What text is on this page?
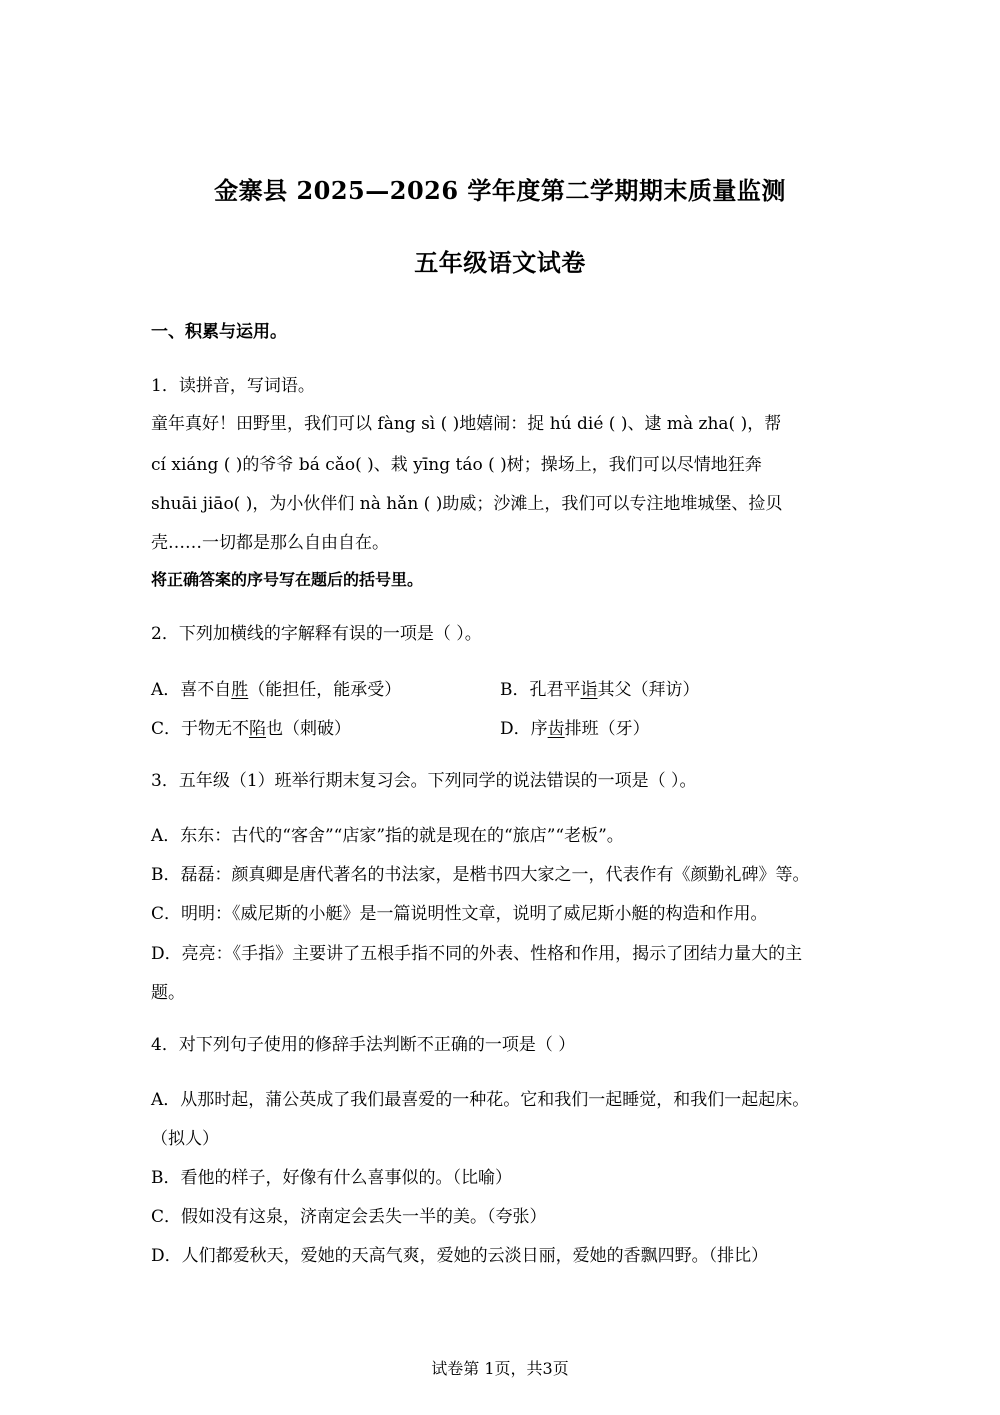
金寨县 2025—2026 学年度第二学期期末质量监测
五年级语文试卷
一、积累与运用。
1．读拼音，写词语。
童年真好！田野里，我们可以 fàng sì ( )地嬉闹：捉 hú dié ( )、逮 mà zha( )，帮
cí xiáng ( )的爷爷 bá cǎo( )、栽 yīng táo ( )树；操场上，我们可以尽情地狂奔
shuāi jiāo( )，为小伙伴们 nà hǎn ( )助威；沙滩上，我们可以专注地堆城堡、捡贝
壳……一切都是那么自由自在。
将正确答案的序号写在题后的括号里。
2．下列加横线的字解释有误的一项是（ ）。
A．喜不自胜（能担任，能承受）	B．孔君平诣其父（拜访）
C．于物无不陷也（刺破）	D．序齿排班（牙）
3．五年级（1）班举行期末复习会。下列同学的说法错误的一项是（ ）。
A．东东：古代的“客舍”“店家”指的就是现在的“旅店”“老板”。
B．磊磊：颜真卿是唐代著名的书法家，是楷书四大家之一，代表作有《颜勤礼碑》等。
C．明明：《威尼斯的小艇》是一篇说明性文章，说明了威尼斯小艇的构造和作用。
D．亮亮：《手指》主要讲了五根手指不同的外表、性格和作用，揭示了团结力量大的主
题。
4．对下列句子使用的修辞手法判断不正确的一项是（ ）
A．从那时起，蒲公英成了我们最喜爱的一种花。它和我们一起睡觉，和我们一起起床。
（拟人）
B．看他的样子，好像有什么喜事似的。（比喻）
C．假如没有这泉，济南定会丢失一半的美。（夸张）
D．人们都爱秋天，爱她的天高气爽，爱她的云淡日丽，爱她的香飘四野。（排比）
试卷第 1页，共3页
